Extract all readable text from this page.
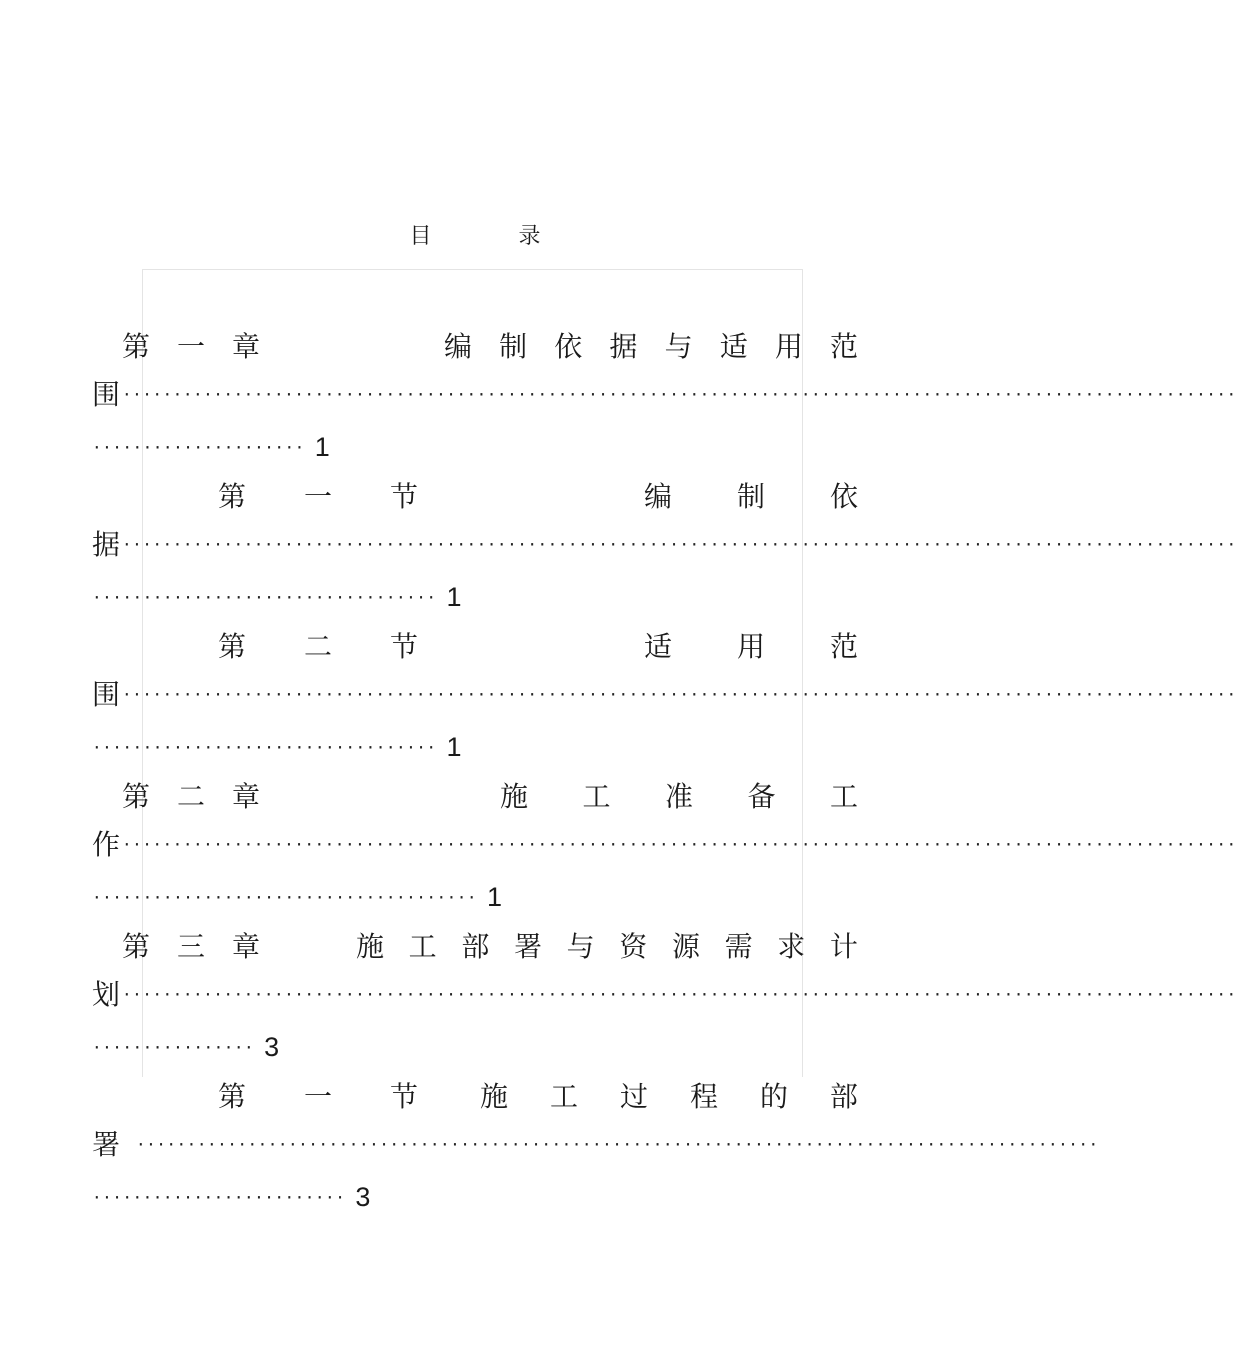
目 录
第 一 章	编 制 依 据 与 适 用 范
围 ··············································································································
····················· 1
第 一 节	编 制 依
据 ··············································································································
·································· 1
第 二 节	适 用 范
围 ··············································································································
·································· 1
第 二 章	施 工 准 备 工
作 ··············································································································
······································ 1
第 三 章	施 工 部 署 与 资 源 需 求 计
划 ··············································································································
················ 3
第 一 节 施 工 过 程 的 部
署 ·······························································································
························· 3
